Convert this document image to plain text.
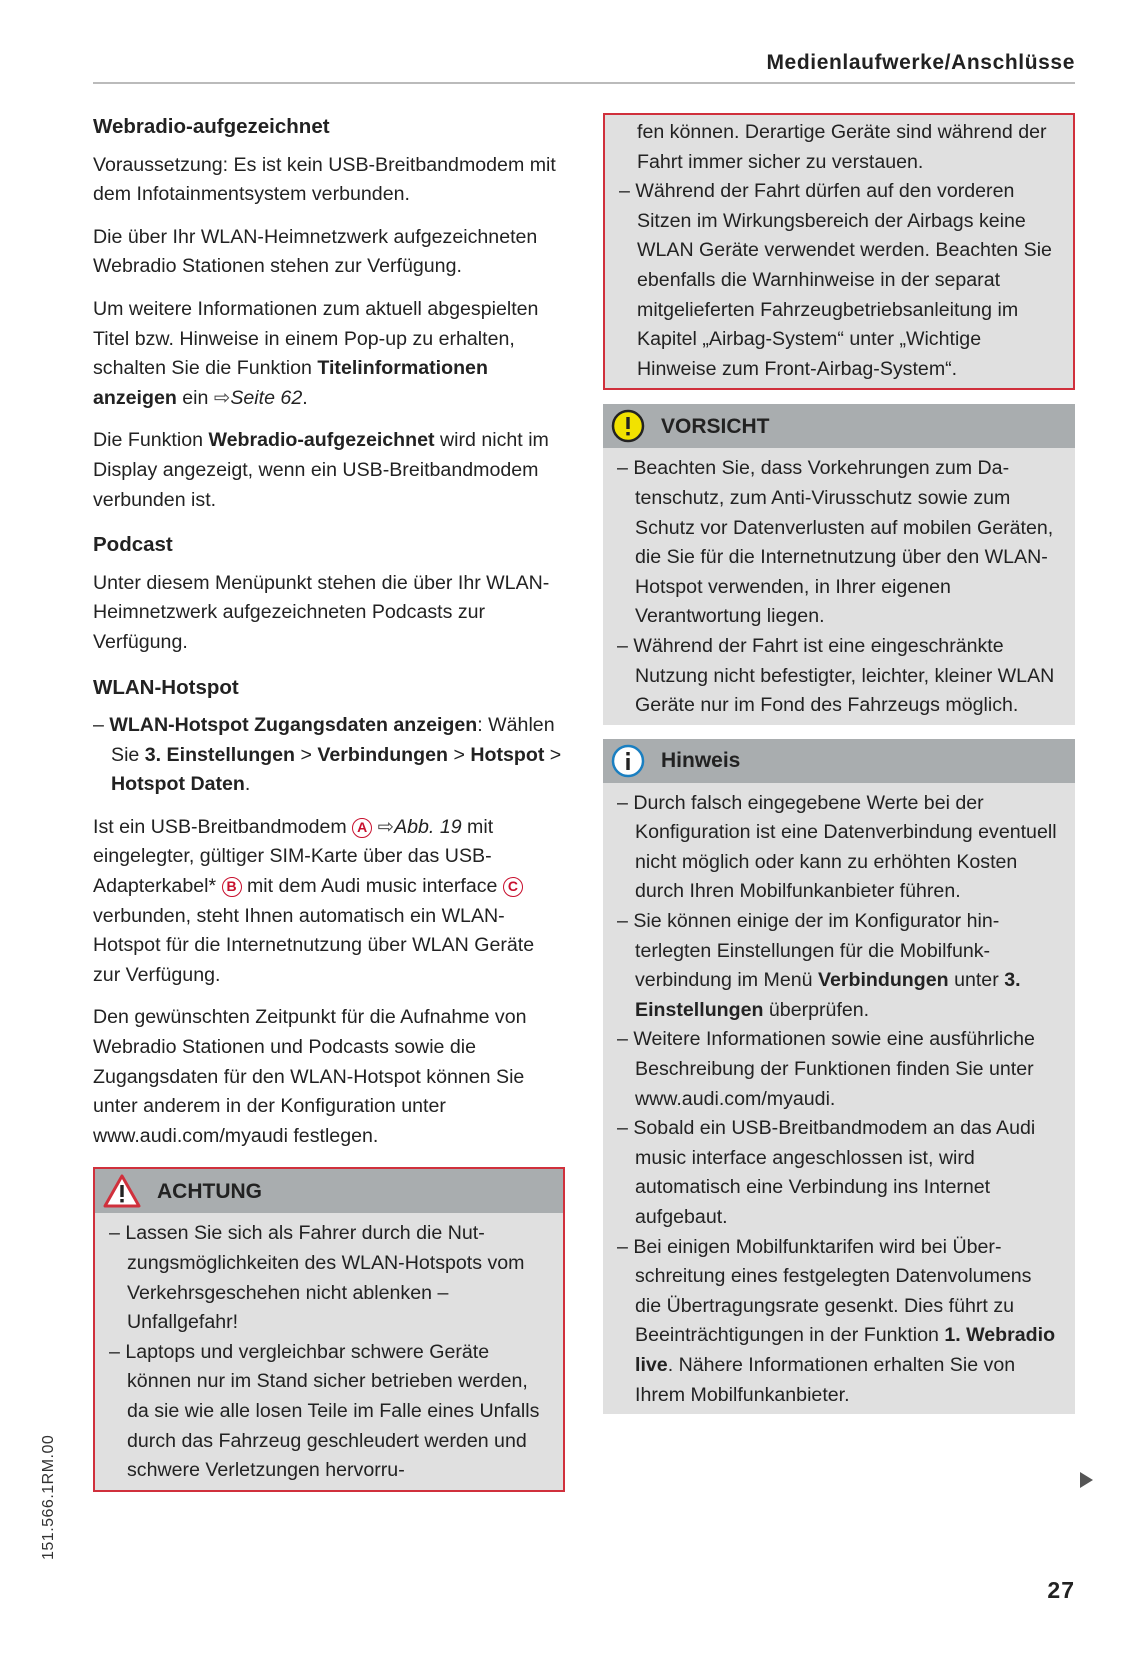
Medienlaufwerke/Anschlüsse
Webradio-aufgezeichnet
Voraussetzung: Es ist kein USB-Breitbandmodem mit dem Infotainmentsystem verbunden.
Die über Ihr WLAN-Heimnetzwerk aufgezeichneten Webradio Stationen stehen zur Verfügung.
Um weitere Informationen zum aktuell abgespielten Titel bzw. Hinweise in einem Pop-up zu erhalten, schalten Sie die Funktion Titelinformationen anzeigen ein ⇨Seite 62.
Die Funktion Webradio-aufgezeichnet wird nicht im Display angezeigt, wenn ein USB-Breitbandmodem verbunden ist.
Podcast
Unter diesem Menüpunkt stehen die über Ihr WLAN-Heimnetzwerk aufgezeichneten Podcasts zur Verfügung.
WLAN-Hotspot
– WLAN-Hotspot Zugangsdaten anzeigen: Wählen Sie 3. Einstellungen > Verbindungen > Hotspot > Hotspot Daten.
Ist ein USB-Breitbandmodem A ⇨Abb. 19 mit eingelegter, gültiger SIM-Karte über das USB-Adapterkabel* B mit dem Audi music interface C verbunden, steht Ihnen automatisch ein WLAN-Hotspot für die Internetnutzung über WLAN Geräte zur Verfügung.
Den gewünschten Zeitpunkt für die Aufnahme von Webradio Stationen und Podcasts sowie die Zugangsdaten für den WLAN-Hotspot können Sie unter anderem in der Konfiguration unter www.audi.com/myaudi festlegen.
ACHTUNG
– Lassen Sie sich als Fahrer durch die Nutzungsmöglichkeiten des WLAN-Hotspots vom Verkehrsgeschehen nicht ablenken – Unfallgefahr!
– Laptops und vergleichbar schwere Geräte können nur im Stand sicher betrieben werden, da sie wie alle losen Teile im Falle eines Unfalls durch das Fahrzeug geschleudert werden und schwere Verletzungen hervorru-
fen können. Derartige Geräte sind während der Fahrt immer sicher zu verstauen.
– Während der Fahrt dürfen auf den vorderen Sitzen im Wirkungsbereich der Airbags keine WLAN Geräte verwendet werden. Beachten Sie ebenfalls die Warnhinweise in der separat mitgelieferten Fahrzeugbetriebsanleitung im Kapitel „Airbag-System“ unter „Wichtige Hinweise zum Front-Airbag-System“.
VORSICHT
– Beachten Sie, dass Vorkehrungen zum Datenschutz, zum Anti-Virusschutz sowie zum Schutz vor Datenverlusten auf mobilen Geräten, die Sie für die Internetnutzung über den WLAN-Hotspot verwenden, in Ihrer eigenen Verantwortung liegen.
– Während der Fahrt ist eine eingeschränkte Nutzung nicht befestigter, leichter, kleiner WLAN Geräte nur im Fond des Fahrzeugs möglich.
Hinweis
– Durch falsch eingegebene Werte bei der Konfiguration ist eine Datenverbindung eventuell nicht möglich oder kann zu erhöhten Kosten durch Ihren Mobilfunkanbieter führen.
– Sie können einige der im Konfigurator hinterlegten Einstellungen für die Mobilfunkverbindung im Menü Verbindungen unter 3. Einstellungen überprüfen.
– Weitere Informationen sowie eine ausführliche Beschreibung der Funktionen finden Sie unter www.audi.com/myaudi.
– Sobald ein USB-Breitbandmodem an das Audi music interface angeschlossen ist, wird automatisch eine Verbindung ins Internet aufgebaut.
– Bei einigen Mobilfunktarifen wird bei Überschreitung eines festgelegten Datenvolumens die Übertragungsrate gesenkt. Dies führt zu Beeinträchtigungen in der Funktion 1. Webradio live. Nähere Informationen erhalten Sie von Ihrem Mobilfunkanbieter.
151.566.1RM.00
27
